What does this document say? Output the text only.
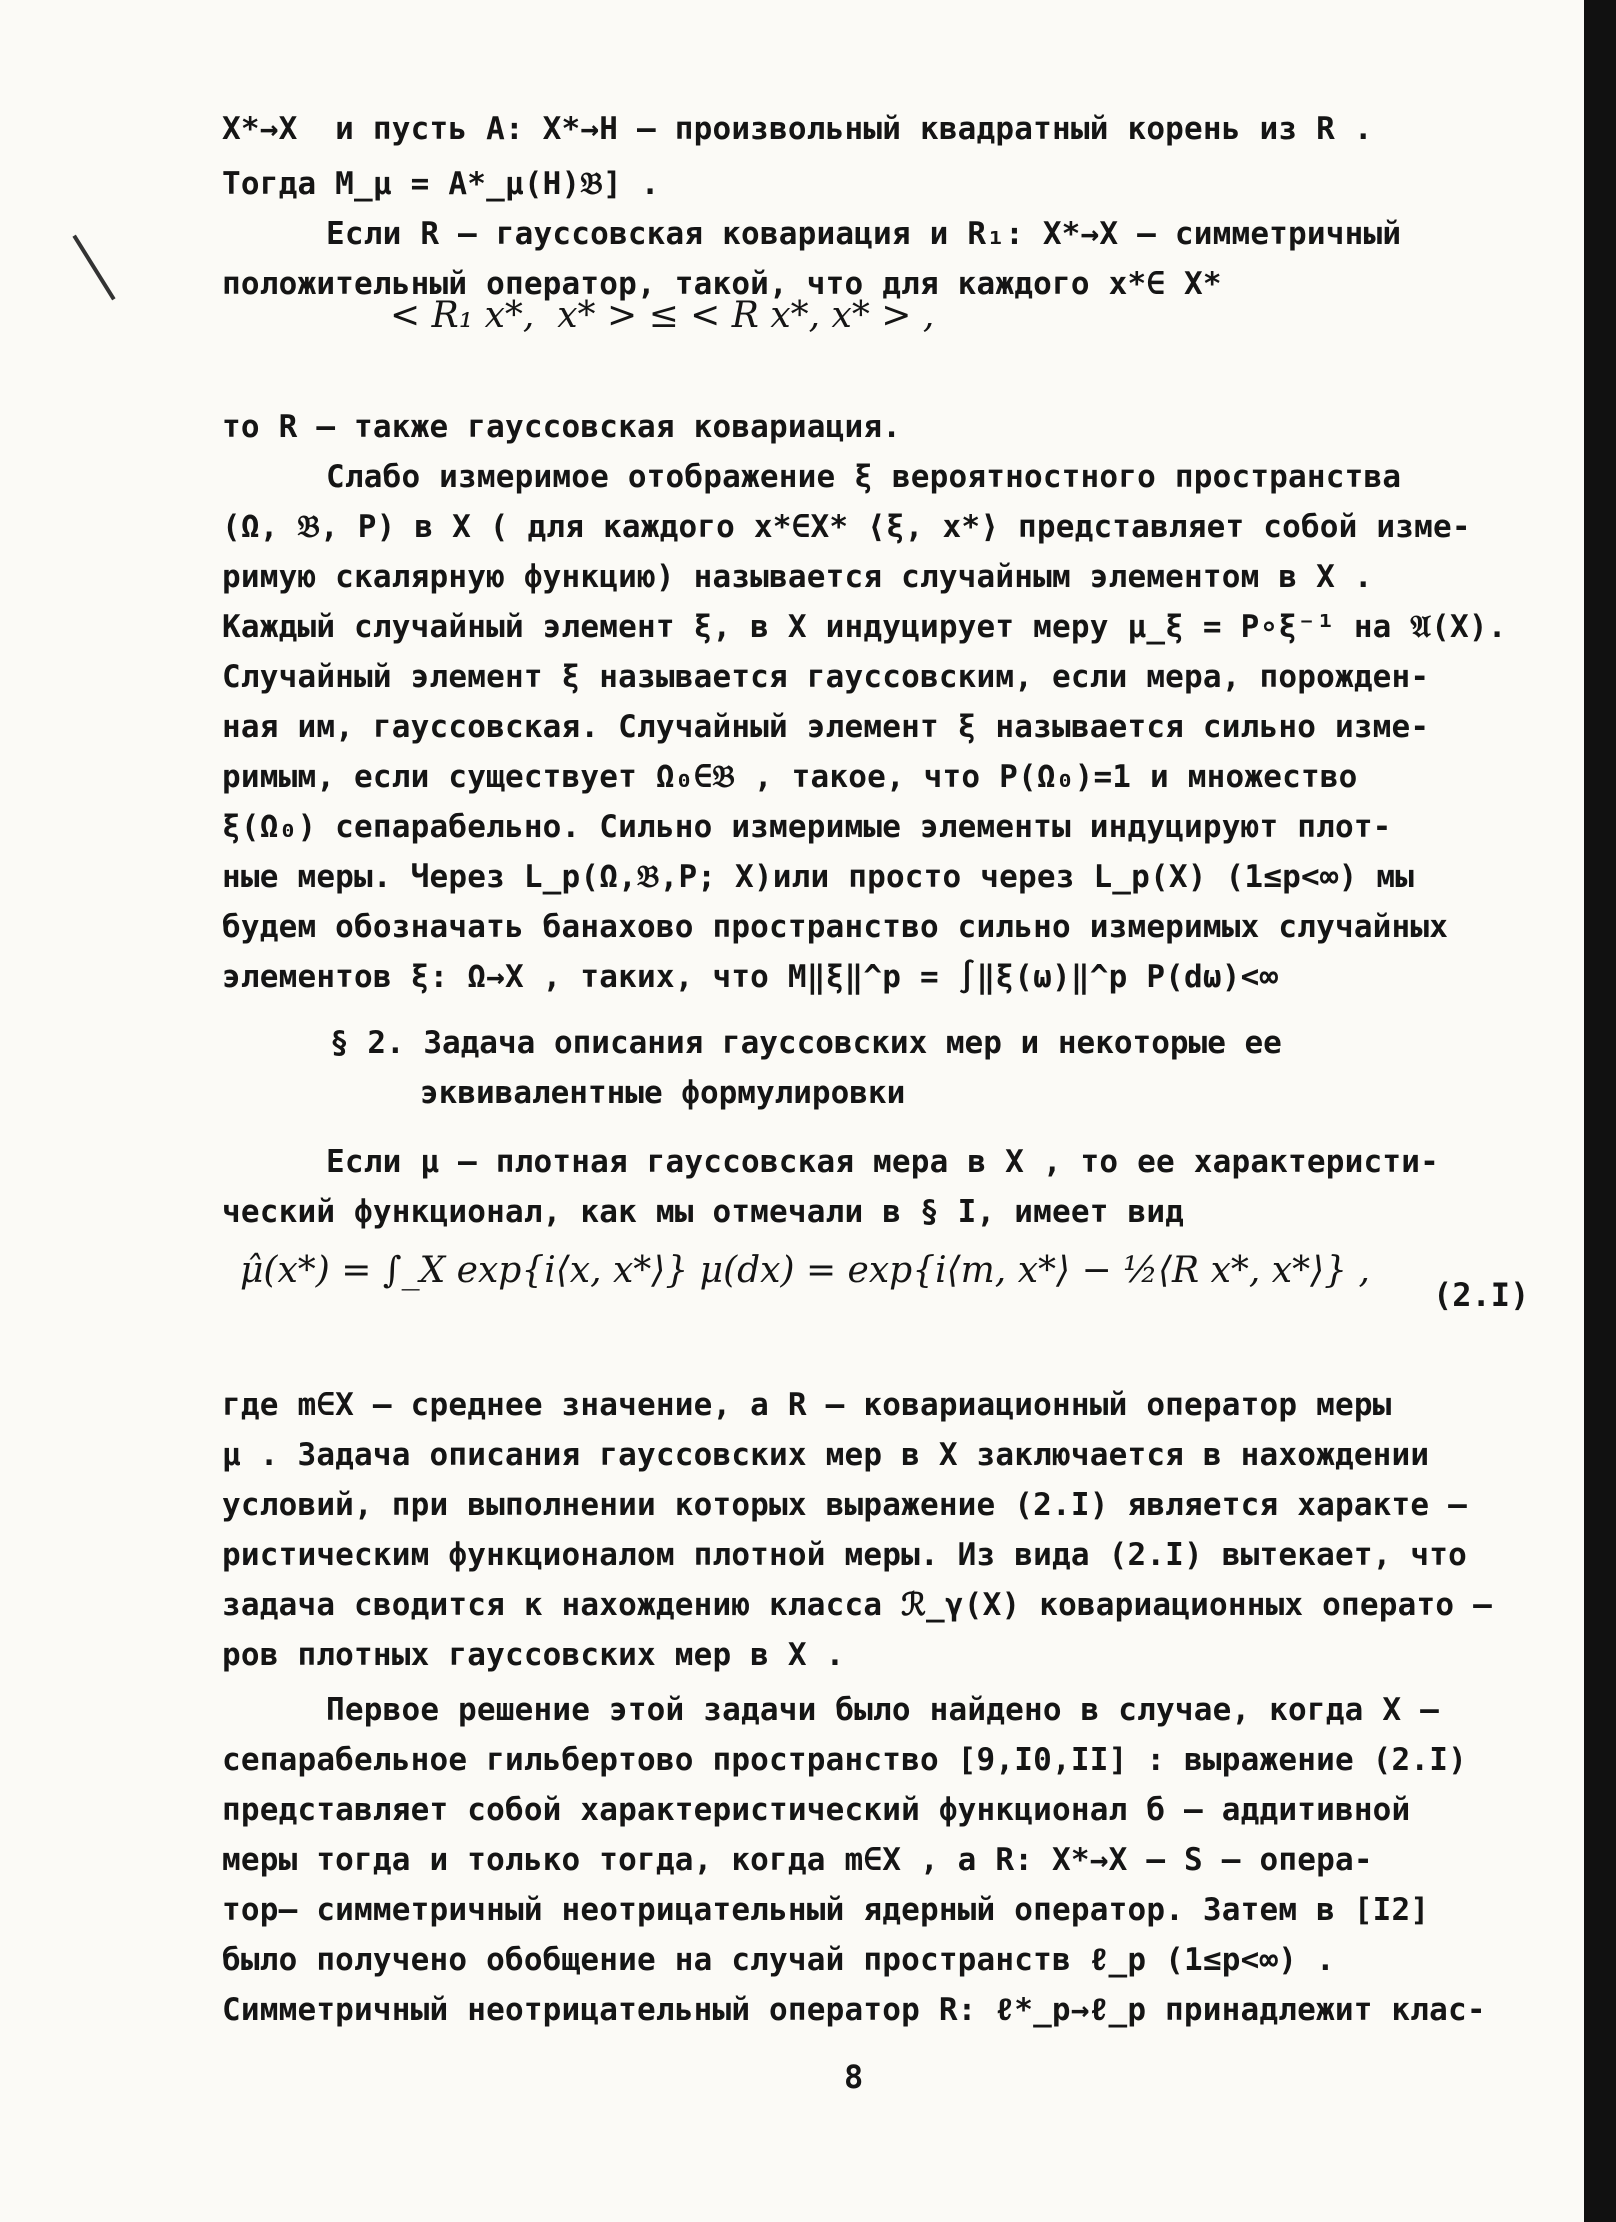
X*→X  и пусть A: X*→H – произвольный квадратный корень из R .
Тогда M_μ = A*_μ(H)𝔅] .
Если R – гауссовская ковариация и R₁: X*→X – симметричный
положительный оператор, такой, что для каждого x*∈ X*
< R₁ x*,  x* > ≤ < R x*, x* > ,
то R – также гауссовская ковариация.
Слабо измеримое отображение ξ вероятностного пространства
(Ω, 𝔅, P) в X ( для каждого x*∈X* ⟨ξ, x*⟩ представляет собой изме-
римую скалярную функцию) называется случайным элементом в X .
Каждый случайный элемент ξ, в X индуцирует меру μ_ξ = P∘ξ⁻¹ на 𝔄(X).
Случайный элемент ξ называется гауссовским, если мера, порожден-
ная им, гауссовская. Случайный элемент ξ называется сильно изме-
римым, если существует Ω₀∈𝔅 , такое, что P(Ω₀)=1 и множество
ξ(Ω₀) сепарабельно. Сильно измеримые элементы индуцируют плот-
ные меры. Через L_p(Ω,𝔅,P; X)или просто через L_p(X) (1≤p<∞) мы
будем обозначать банахово пространство сильно измеримых случайных
элементов ξ: Ω→X , таких, что M‖ξ‖^p = ∫‖ξ(ω)‖^p P(dω)<∞
§ 2. Задача описания гауссовских мер и некоторые ее
эквивалентные формулировки
Если μ – плотная гауссовская мера в X , то ее характеристи-
ческий функционал, как мы отмечали в § I, имеет вид
μ̂(x*) = ∫_X exp{i⟨x, x*⟩} μ(dx) = exp{i⟨m, x*⟩ − ½⟨R x*, x*⟩} ,
(2.I)
где m∈X – среднее значение, а R – ковариационный оператор меры
μ . Задача описания гауссовских мер в X заключается в нахождении
условий, при выполнении которых выражение (2.I) является характе –
ристическим функционалом плотной меры. Из вида (2.I) вытекает, что
задача сводится к нахождению класса ℛ_γ(X) ковариационных операто –
ров плотных гауссовских мер в X .
Первое решение этой задачи было найдено в случае, когда X –
сепарабельное гильбертово пространство [9,I0,II] : выражение (2.I)
представляет собой характеристический функционал б – аддитивной
меры тогда и только тогда, когда m∈X , а R: X*→X – S – опера-
тор– симметричный неотрицательный ядерный оператор. Затем в [I2]
было получено обобщение на случай пространств ℓ_p (1≤p<∞) .
Симметричный неотрицательный оператор R: ℓ*_p→ℓ_p принадлежит клас-
8
